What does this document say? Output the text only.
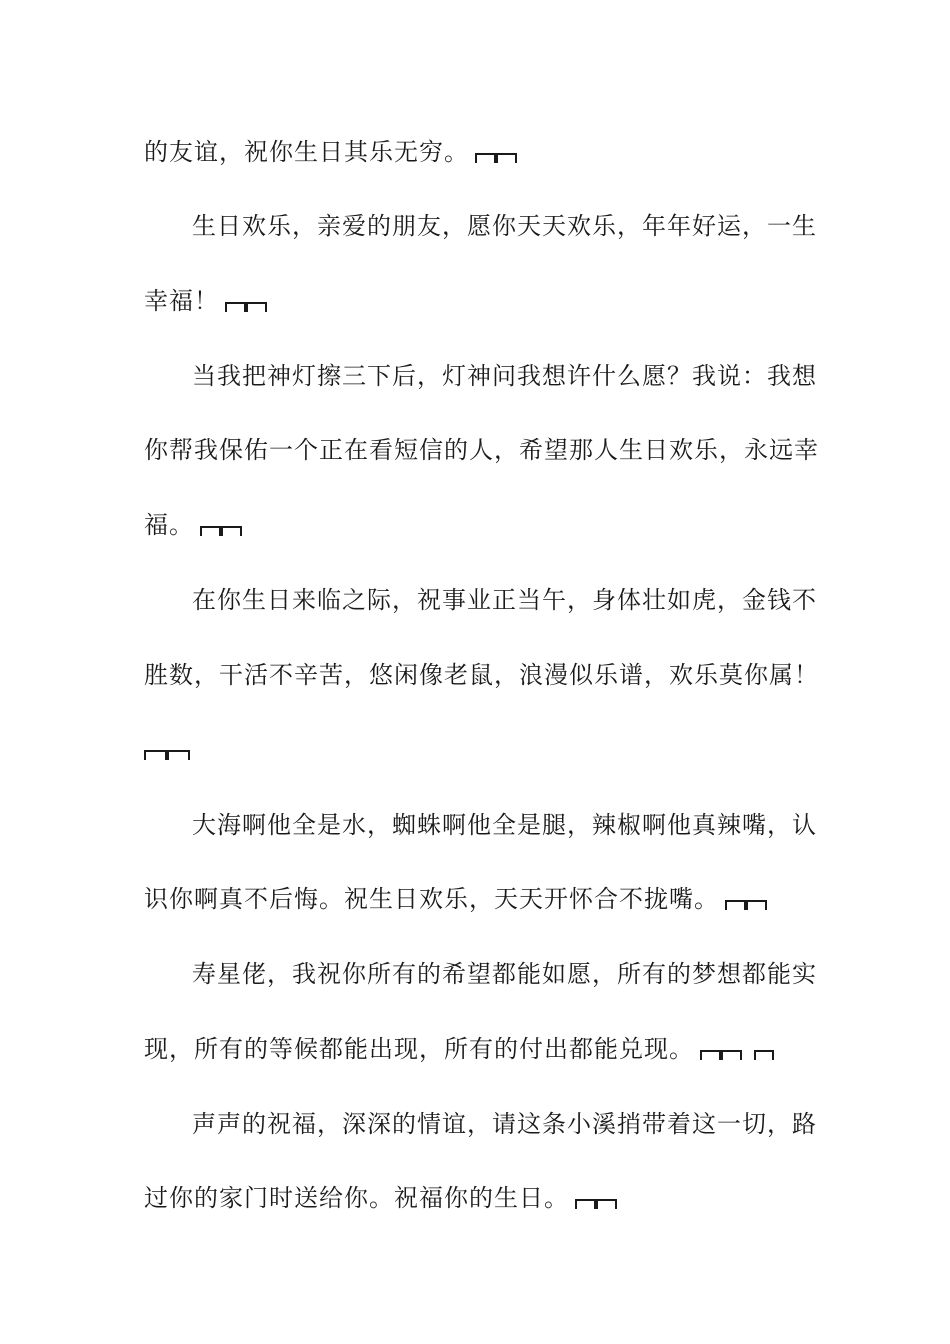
的友谊，祝你生日其乐无穷。
生日欢乐，亲爱的朋友，愿你天天欢乐，年年好运，一生
幸福！
当我把神灯擦三下后，灯神问我想许什么愿？我说：我想
你帮我保佑一个正在看短信的人，希望那人生日欢乐，永远幸
福。
在你生日来临之际，祝事业正当午，身体壮如虎，金钱不
胜数，干活不辛苦，悠闲像老鼠，浪漫似乐谱，欢乐莫你属！
大海啊他全是水，蜘蛛啊他全是腿，辣椒啊他真辣嘴，认
识你啊真不后悔。祝生日欢乐，天天开怀合不拢嘴。
寿星佬，我祝你所有的希望都能如愿，所有的梦想都能实
现，所有的等候都能出现，所有的付出都能兑现。
声声的祝福，深深的情谊，请这条小溪捎带着这一切，路
过你的家门时送给你。祝福你的生日。
